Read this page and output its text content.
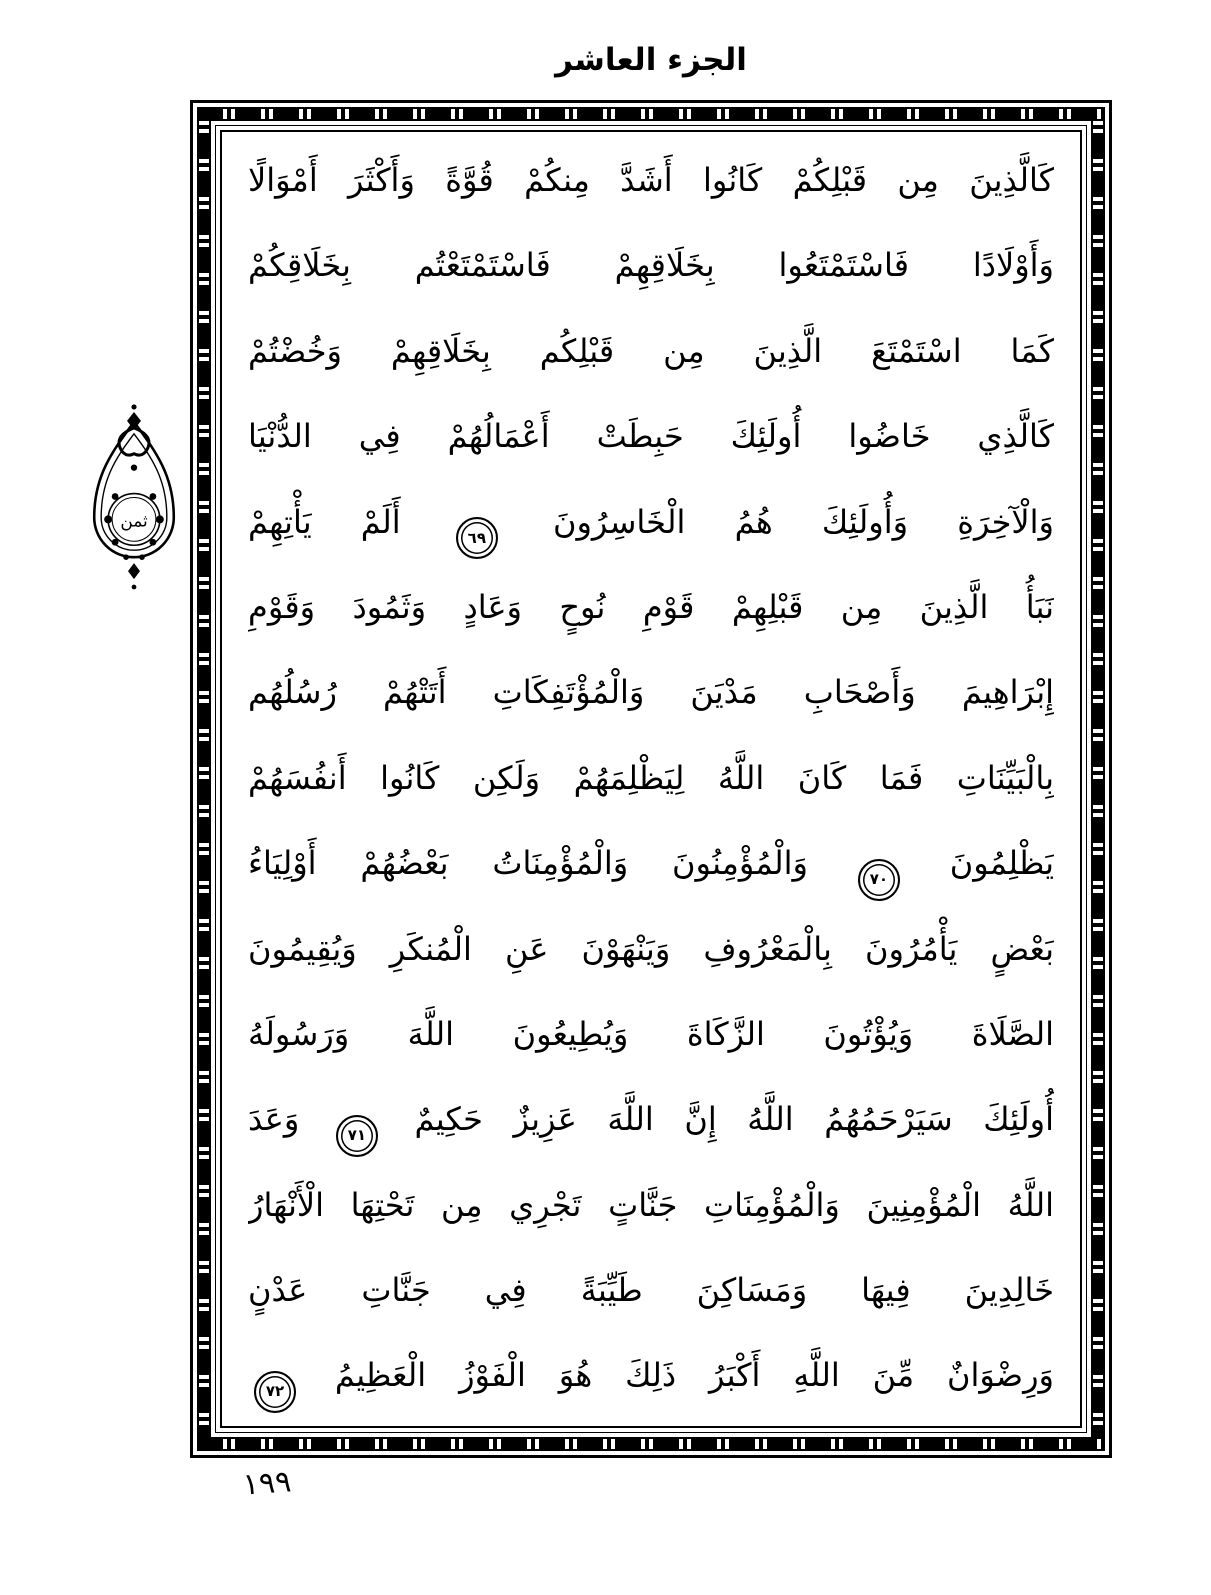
الجزء العاشر
كَالَّذِينَ مِن قَبْلِكُمْ كَانُوا أَشَدَّ مِنكُمْ قُوَّةً وَأَكْثَرَ أَمْوَالًا
وَأَوْلَادًا فَاسْتَمْتَعُوا بِخَلَاقِهِمْ فَاسْتَمْتَعْتُم بِخَلَاقِكُمْ
كَمَا اسْتَمْتَعَ الَّذِينَ مِن قَبْلِكُم بِخَلَاقِهِمْ وَخُضْتُمْ
كَالَّذِي خَاضُوا أُولَئِكَ حَبِطَتْ أَعْمَالُهُمْ فِي الدُّنْيَا
وَالْآخِرَةِ وَأُولَئِكَ هُمُ الْخَاسِرُونَ ٦٩ أَلَمْ يَأْتِهِمْ
نَبَأُ الَّذِينَ مِن قَبْلِهِمْ قَوْمِ نُوحٍ وَعَادٍ وَثَمُودَ وَقَوْمِ
إِبْرَاهِيمَ وَأَصْحَابِ مَدْيَنَ وَالْمُؤْتَفِكَاتِ أَتَتْهُمْ رُسُلُهُم
بِالْبَيِّنَاتِ فَمَا كَانَ اللَّهُ لِيَظْلِمَهُمْ وَلَكِن كَانُوا أَنفُسَهُمْ
يَظْلِمُونَ ٧٠ وَالْمُؤْمِنُونَ وَالْمُؤْمِنَاتُ بَعْضُهُمْ أَوْلِيَاءُ
بَعْضٍ يَأْمُرُونَ بِالْمَعْرُوفِ وَيَنْهَوْنَ عَنِ الْمُنكَرِ وَيُقِيمُونَ
الصَّلَاةَ وَيُؤْتُونَ الزَّكَاةَ وَيُطِيعُونَ اللَّهَ وَرَسُولَهُ
أُولَئِكَ سَيَرْحَمُهُمُ اللَّهُ إِنَّ اللَّهَ عَزِيزٌ حَكِيمٌ ٧١ وَعَدَ
اللَّهُ الْمُؤْمِنِينَ وَالْمُؤْمِنَاتِ جَنَّاتٍ تَجْرِي مِن تَحْتِهَا الْأَنْهَارُ
خَالِدِينَ فِيهَا وَمَسَاكِنَ طَيِّبَةً فِي جَنَّاتِ عَدْنٍ
وَرِضْوَانٌ مِّنَ اللَّهِ أَكْبَرُ ذَلِكَ هُوَ الْفَوْزُ الْعَظِيمُ ٧٢
ثمن
١٩٩
